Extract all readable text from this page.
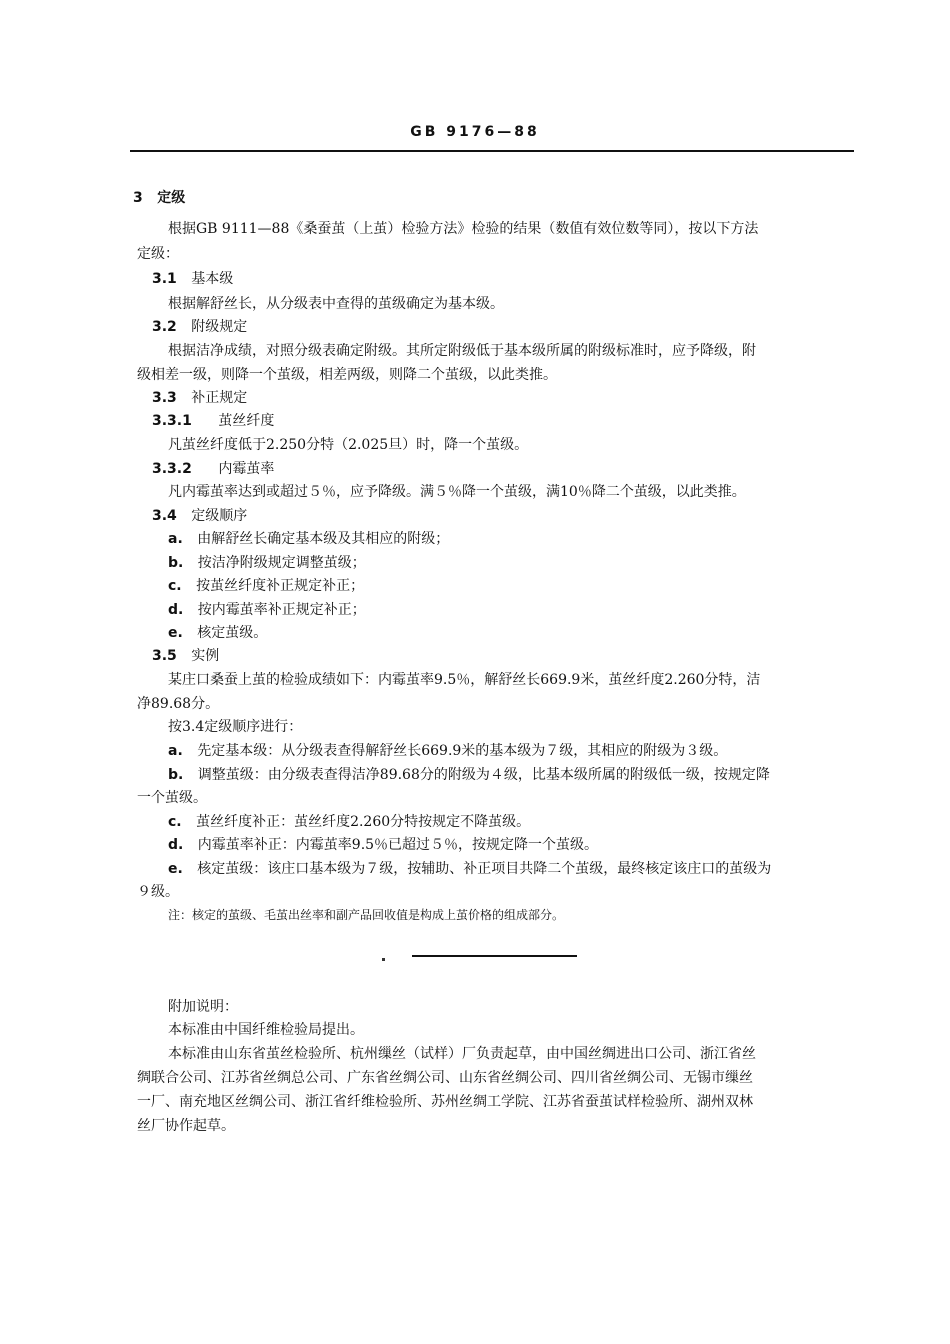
GB 9176—88
3 定级
根据GB 9111—88《桑蚕茧（上茧）检验方法》检验的结果（数值有效位数等同），按以下方法
定级：
3.1 基本级
根据解舒丝长，从分级表中查得的茧级确定为基本级。
3.2 附级规定
根据洁净成绩，对照分级表确定附级。其所定附级低于基本级所属的附级标准时，应予降级，附
级相差一级，则降一个茧级，相差两级，则降二个茧级，以此类推。
3.3 补正规定
3.3.1 茧丝纤度
凡茧丝纤度低于2.250分特（2.025旦）时，降一个茧级。
3.3.2 内霉茧率
凡内霉茧率达到或超过５％，应予降级。满５％降一个茧级，满10％降二个茧级，以此类推。
3.4 定级顺序
a. 由解舒丝长确定基本级及其相应的附级；
b. 按洁净附级规定调整茧级；
c. 按茧丝纤度补正规定补正；
d. 按内霉茧率补正规定补正；
e. 核定茧级。
3.5 实例
某庄口桑蚕上茧的检验成绩如下：内霉茧率9.5％，解舒丝长669.9米，茧丝纤度2.260分特，洁
净89.68分。
按3.4定级顺序进行：
a. 先定基本级：从分级表查得解舒丝长669.9米的基本级为７级，其相应的附级为３级。
b. 调整茧级：由分级表查得洁净89.68分的附级为４级，比基本级所属的附级低一级，按规定降
一个茧级。
c. 茧丝纤度补正：茧丝纤度2.260分特按规定不降茧级。
d. 内霉茧率补正：内霉茧率9.5％已超过５％，按规定降一个茧级。
e. 核定茧级：该庄口基本级为７级，按辅助、补正项目共降二个茧级，最终核定该庄口的茧级为
９级。
注：核定的茧级、毛茧出丝率和副产品回收值是构成上茧价格的组成部分。
附加说明：
本标准由中国纤维检验局提出。
本标准由山东省茧丝检验所、杭州缫丝（试样）厂负责起草，由中国丝绸进出口公司、浙江省丝
绸联合公司、江苏省丝绸总公司、广东省丝绸公司、山东省丝绸公司、四川省丝绸公司、无锡市缫丝
一厂、南充地区丝绸公司、浙江省纤维检验所、苏州丝绸工学院、江苏省蚕茧试样检验所、湖州双林
丝厂协作起草。
